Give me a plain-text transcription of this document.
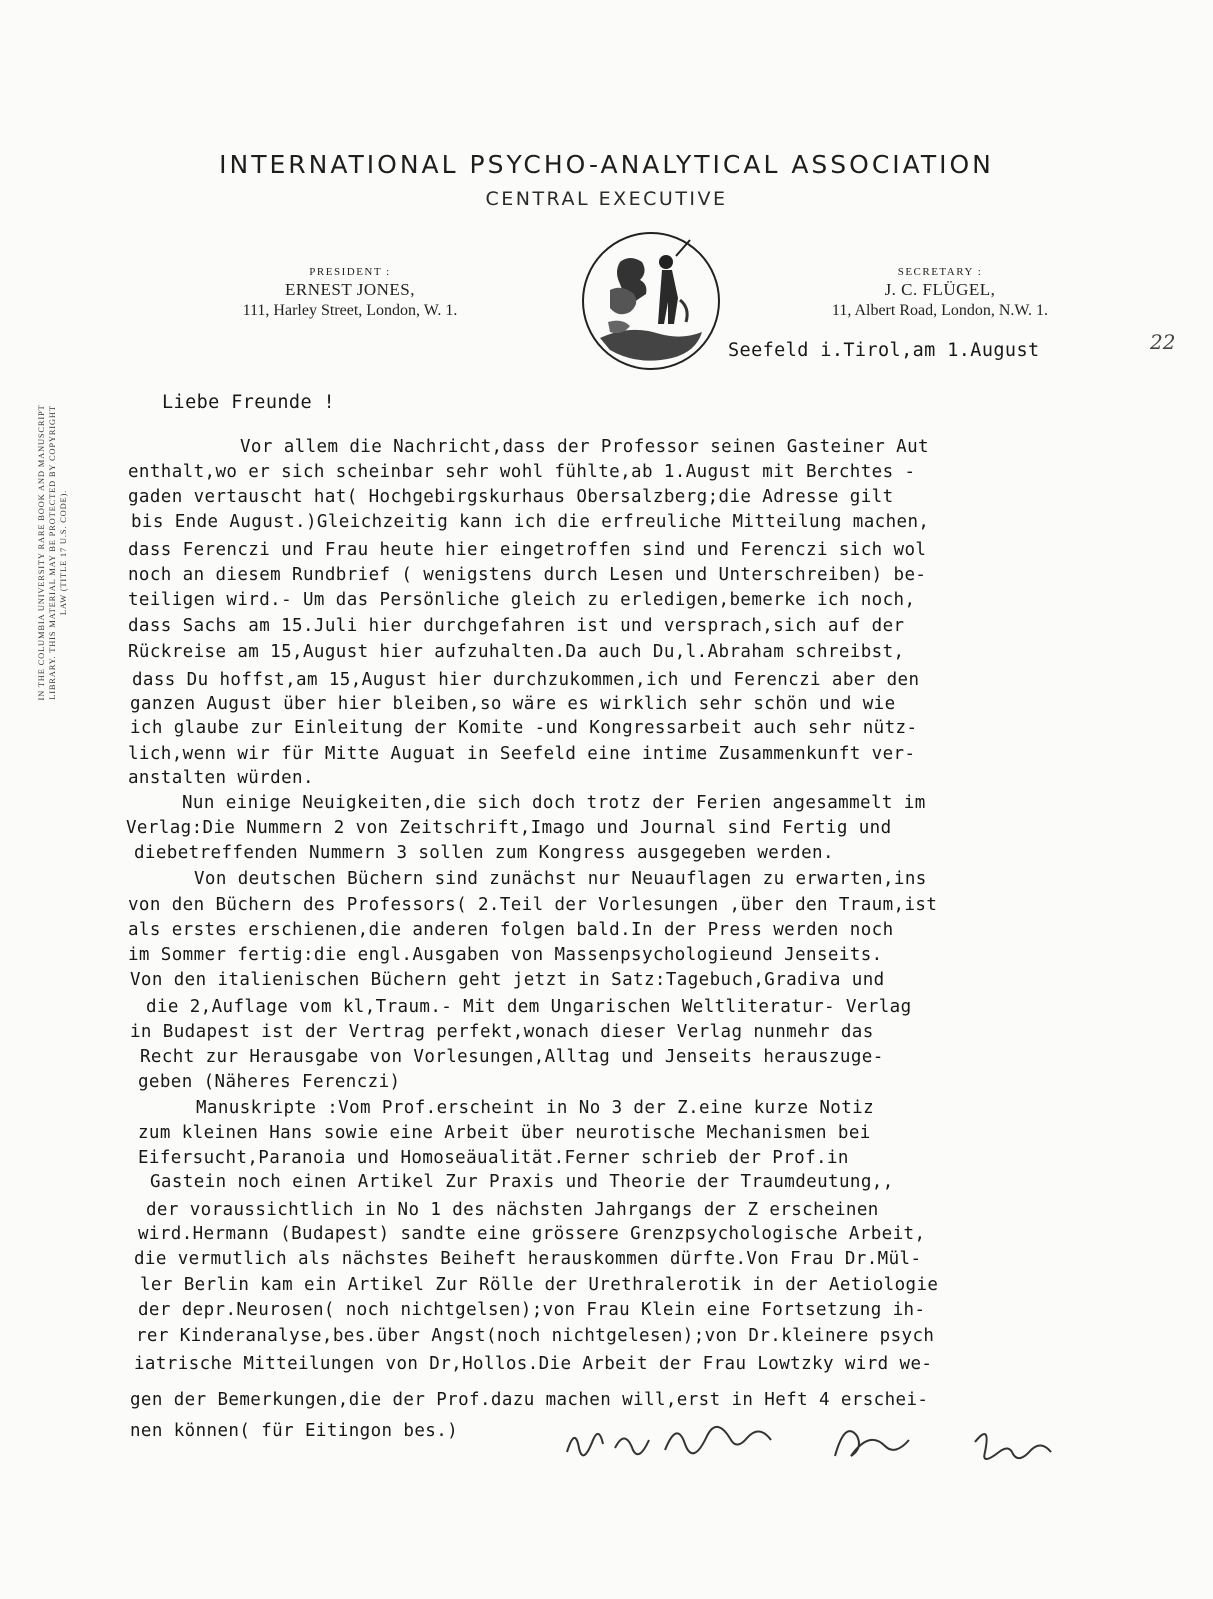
INTERNATIONAL PSYCHO-ANALYTICAL ASSOCIATION
CENTRAL EXECUTIVE
PRESIDENT :
ERNEST JONES,
111, Harley Street, London, W. 1.
SECRETARY :
J. C. FLÜGEL,
11, Albert Road, London, N.W. 1.
22
IN THE COLUMBIA UNIVERSITY RARE BOOK AND MANUSCRIPT LIBRARY. THIS MATERIAL MAY BE PROTECTED BY COPYRIGHT LAW (TITLE 17 U.S. CODE).
Seefeld i.Tirol,am 1.August
Liebe Freunde !
Vor allem die Nachricht,dass der Professor seinen Gasteiner Aut
enthalt,wo er sich scheinbar sehr wohl fühlte,ab 1.August mit Berchtes -
gaden vertauscht hat( Hochgebirgskurhaus Obersalzberg;die Adresse gilt
bis Ende August.)Gleichzeitig kann ich die erfreuliche Mitteilung machen,
dass Ferenczi und Frau heute hier eingetroffen sind und Ferenczi sich wol
noch an diesem Rundbrief ( wenigstens durch Lesen und Unterschreiben) be-
teiligen wird.- Um das Persönliche gleich zu erledigen,bemerke ich noch,
dass Sachs am 15.Juli hier durchgefahren ist und versprach,sich auf der
Rückreise am 15,August hier aufzuhalten.Da auch Du,l.Abraham schreibst,
dass Du hoffst,am 15,August hier durchzukommen,ich und Ferenczi aber den
ganzen August über hier bleiben,so wäre es wirklich sehr schön und wie
ich glaube zur Einleitung der Komite -und Kongressarbeit auch sehr nütz-
lich,wenn wir für Mitte Auguat in Seefeld eine intime Zusammenkunft ver-
anstalten würden.
Nun einige Neuigkeiten,die sich doch trotz der Ferien angesammelt im
Verlag:Die Nummern 2 von Zeitschrift,Imago und Journal sind Fertig und
diebetreffenden Nummern 3 sollen zum Kongress ausgegeben werden.
Von deutschen Büchern sind zunächst nur Neuauflagen zu erwarten,ins
von den Büchern des Professors( 2.Teil der Vorlesungen ,über den Traum,ist
als erstes erschienen,die anderen folgen bald.In der Press werden noch
im Sommer fertig:die engl.Ausgaben von Massenpsychologieund Jenseits.
Von den italienischen Büchern geht jetzt in Satz:Tagebuch,Gradiva und
die 2,Auflage vom kl,Traum.- Mit dem Ungarischen Weltliteratur- Verlag
in Budapest ist der Vertrag perfekt,wonach dieser Verlag nunmehr das
Recht zur Herausgabe von Vorlesungen,Alltag und Jenseits herauszuge-
geben (Näheres Ferenczi)
Manuskripte :Vom Prof.erscheint in No 3 der Z.eine kurze Notiz
zum kleinen Hans sowie eine Arbeit über neurotische Mechanismen bei
Eifersucht,Paranoia und Homoseäualität.Ferner schrieb der Prof.in
Gastein noch einen Artikel Zur Praxis und Theorie der Traumdeutung,,
der voraussichtlich in No 1 des nächsten Jahrgangs der Z erscheinen
wird.Hermann (Budapest) sandte eine grössere Grenzpsychologische Arbeit,
die vermutlich als nächstes Beiheft herauskommen dürfte.Von Frau Dr.Mül-
ler Berlin kam ein Artikel Zur Rölle der Urethralerotik in der Aetiologie
der depr.Neurosen( noch nichtgelsen);von Frau Klein eine Fortsetzung ih-
rer Kinderanalyse,bes.über Angst(noch nichtgelesen);von Dr.kleinere psych
iatrische Mitteilungen von Dr,Hollos.Die Arbeit der Frau Lowtzky wird we-
gen der Bemerkungen,die der Prof.dazu machen will,erst in Heft 4 erschei-
nen können( für Eitingon bes.)
